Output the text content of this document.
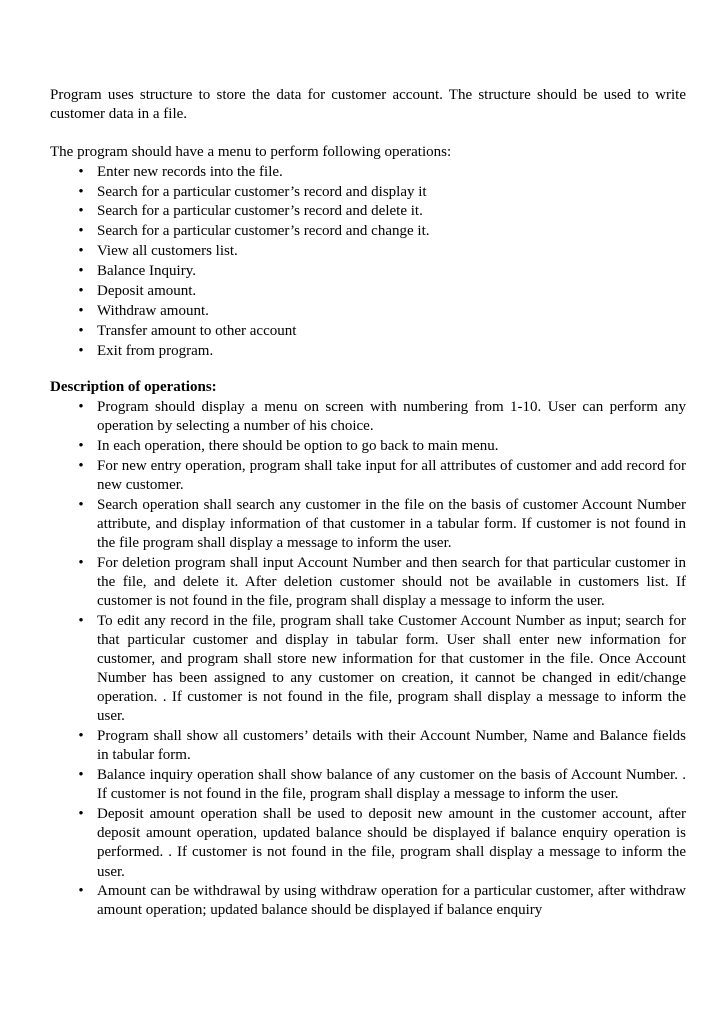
Program uses structure to store the data for customer account. The structure should be used to write customer data in a file.

The program should have a menu to perform following operations:

• Enter new records into the file.
• Search for a particular customer’s record and display it
• Search for a particular customer’s record and delete it.
• Search for a particular customer’s record and change it.
• View all customers list.
• Balance Inquiry.
• Deposit amount.
• Withdraw amount.
• Transfer amount to other account
• Exit from program.

Description of operations:

• Program should display a menu on screen with numbering from 1-10. User can perform any operation by selecting a number of his choice.
• In each operation, there should be option to go back to main menu.
• For new entry operation, program shall take input for all attributes of customer and add record for new customer.
• Search operation shall search any customer in the file on the basis of customer Account Number attribute, and display information of that customer in a tabular form. If customer is not found in the file program shall display a message to inform the user.
• For deletion program shall input Account Number and then search for that particular customer in the file, and delete it. After deletion customer should not be available in customers list. If customer is not found in the file, program shall display a message to inform the user.
• To edit any record in the file, program shall take Customer Account Number as input; search for that particular customer and display in tabular form. User shall enter new information for customer, and program shall store new information for that customer in the file. Once Account Number has been assigned to any customer on creation, it cannot be changed in edit/change operation. . If customer is not found in the file, program shall display a message to inform the user.
• Program shall show all customers’ details with their Account Number, Name and Balance fields in tabular form.
• Balance inquiry operation shall show balance of any customer on the basis of Account Number. . If customer is not found in the file, program shall display a message to inform the user.
• Deposit amount operation shall be used to deposit new amount in the customer account, after deposit amount operation, updated balance should be displayed if balance enquiry operation is performed. . If customer is not found in the file, program shall display a message to inform the user.
• Amount can be withdrawal by using withdraw operation for a particular customer, after withdraw amount operation; updated balance should be displayed if balance enquiry
